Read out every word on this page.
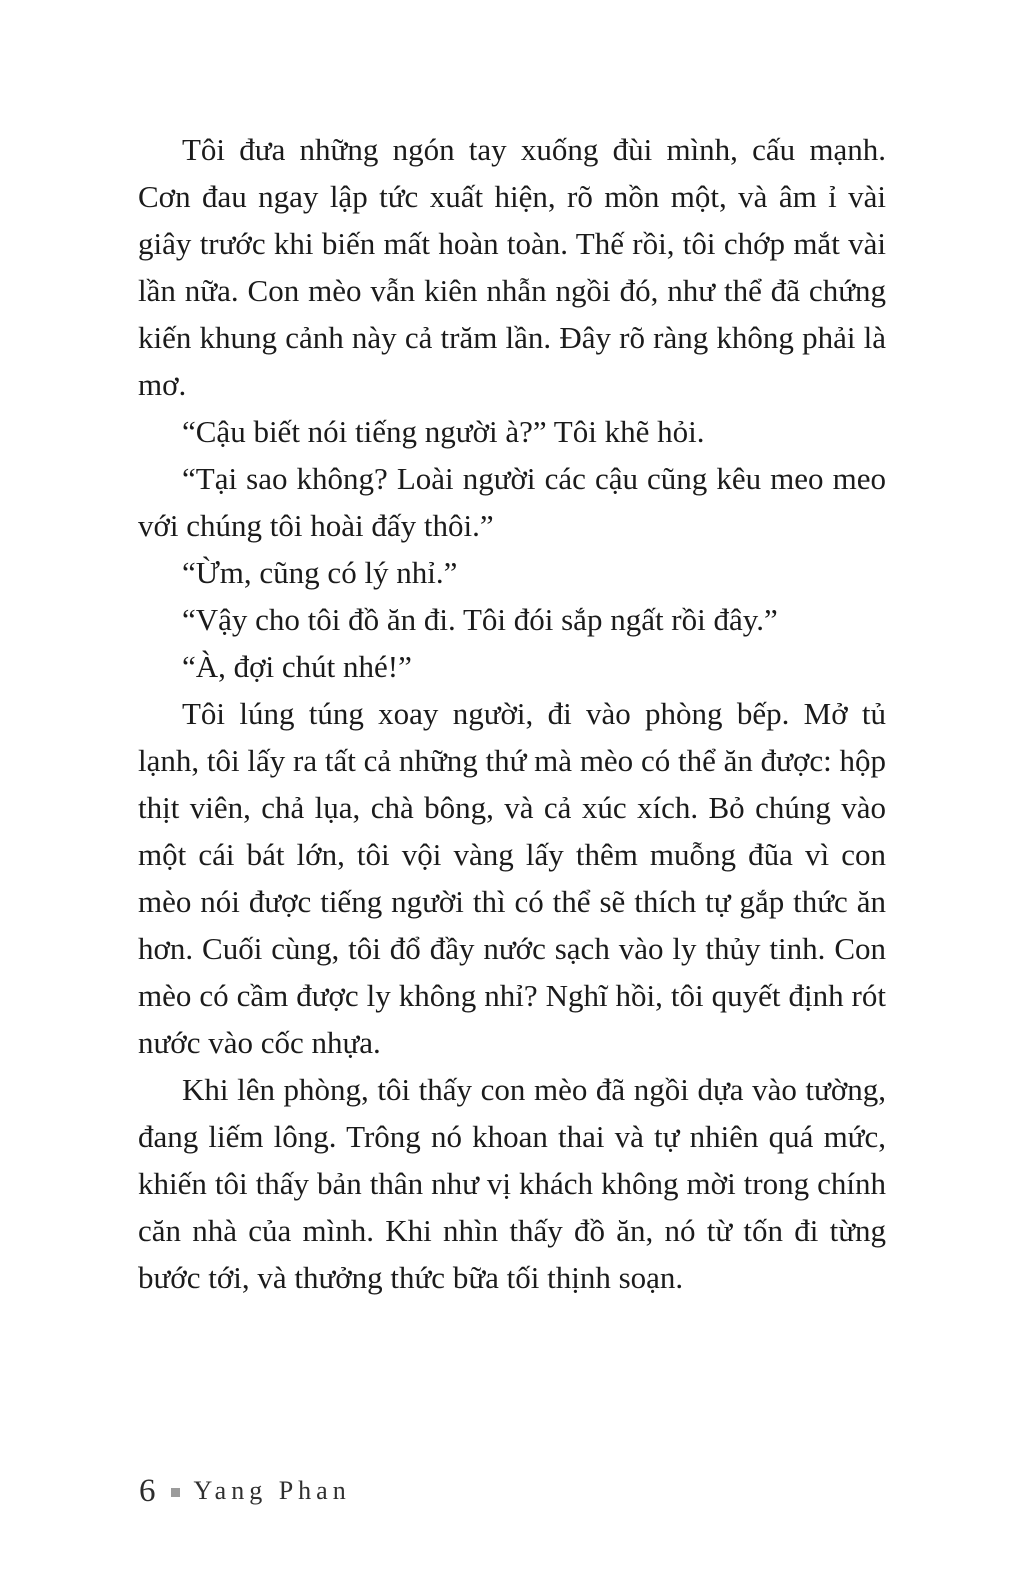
Tôi đưa những ngón tay xuống đùi mình, cấu mạnh. Cơn đau ngay lập tức xuất hiện, rõ mồn một, và âm ỉ vài giây trước khi biến mất hoàn toàn. Thế rồi, tôi chớp mắt vài lần nữa. Con mèo vẫn kiên nhẫn ngồi đó, như thể đã chứng kiến khung cảnh này cả trăm lần. Đây rõ ràng không phải là mơ.

“Cậu biết nói tiếng người à?” Tôi khẽ hỏi.

“Tại sao không? Loài người các cậu cũng kêu meo meo với chúng tôi hoài đấy thôi.”

“Ừm, cũng có lý nhỉ.”

“Vậy cho tôi đồ ăn đi. Tôi đói sắp ngất rồi đây.”

“À, đợi chút nhé!”

Tôi lúng túng xoay người, đi vào phòng bếp. Mở tủ lạnh, tôi lấy ra tất cả những thứ mà mèo có thể ăn được: hộp thịt viên, chả lụa, chà bông, và cả xúc xích. Bỏ chúng vào một cái bát lớn, tôi vội vàng lấy thêm muỗng đũa vì con mèo nói được tiếng người thì có thể sẽ thích tự gắp thức ăn hơn. Cuối cùng, tôi đổ đầy nước sạch vào ly thủy tinh. Con mèo có cầm được ly không nhỉ? Nghĩ hồi, tôi quyết định rót nước vào cốc nhựa.

Khi lên phòng, tôi thấy con mèo đã ngồi dựa vào tường, đang liếm lông. Trông nó khoan thai và tự nhiên quá mức, khiến tôi thấy bản thân như vị khách không mời trong chính căn nhà của mình. Khi nhìn thấy đồ ăn, nó từ tốn đi từng bước tới, và thưởng thức bữa tối thịnh soạn.

6 Yang Phan
